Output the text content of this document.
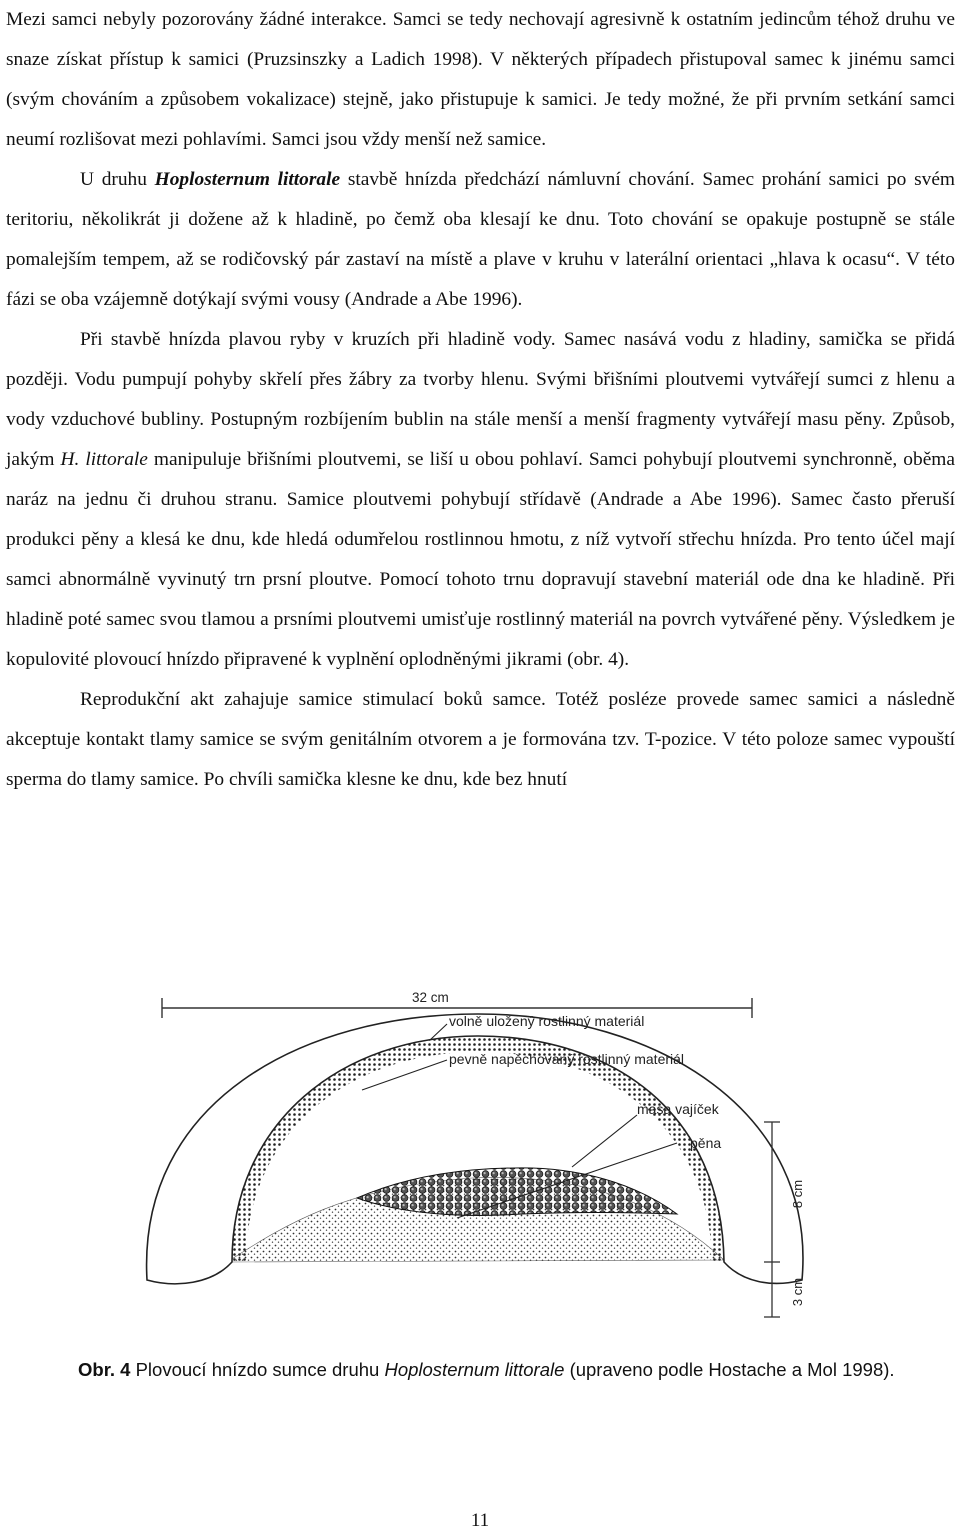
Mezi samci nebyly pozorovány žádné interakce. Samci se tedy nechovají agresivně k ostatním jedincům téhož druhu ve snaze získat přístup k samici (Pruzsinszky a Ladich 1998). V některých případech přistupoval samec k jinému samci (svým chováním a způsobem vokalizace) stejně, jako přistupuje k samici. Je tedy možné, že při prvním setkání samci neumí rozlišovat mezi pohlavími. Samci jsou vždy menší než samice.

U druhu Hoplosternum littorale stavbě hnízda předchází námluvní chování. Samec prohání samici po svém teritoriu, několikrát ji dožene až k hladině, po čemž oba klesají ke dnu. Toto chování se opakuje postupně se stále pomalejším tempem, až se rodičovský pár zastaví na místě a plave v kruhu v laterální orientaci „hlava k ocasu“. V této fázi se oba vzájemně dotýkají svými vousy (Andrade a Abe 1996).

Při stavbě hnízda plavou ryby v kruzích při hladině vody. Samec nasává vodu z hladiny, samička se přidá později. Vodu pumpují pohyby skřelí přes žábry za tvorby hlenu. Svými břišními ploutvemi vytvářejí sumci z hlenu a vody vzduchové bubliny. Postupným rozbíjením bublin na stále menší a menší fragmenty vytvářejí masu pěny. Způsob, jakým H. littorale manipuluje břišními ploutvemi, se liší u obou pohlaví. Samci pohybují ploutvemi synchronně, oběma naráz na jednu či druhou stranu. Samice ploutvemi pohybují střídavě (Andrade a Abe 1996). Samec často přeruší produkci pěny a klesá ke dnu, kde hledá odumřelou rostlinnou hmotu, z níž vytvoří střechu hnízda. Pro tento účel mají samci abnormálně vyvinutý trn prsní ploutve. Pomocí tohoto trnu dopravují stavební materiál ode dna ke hladině. Při hladině poté samec svou tlamou a prsními ploutvemi umisťuje rostlinný materiál na povrch vytvářené pěny. Výsledkem je kopulovité plovoucí hnízdo připravené k vyplnění oplodněnými jikrami (obr. 4).

Reprodukční akt zahajuje samice stimulací boků samce. Totéž posléze provede samec samici a následně akceptuje kontakt tlamy samice se svým genitálním otvorem a je formována tzv. T-pozice. V této poloze samec vypouští sperma do tlamy samice. Po chvíli samička klesne ke dnu, kde bez hnutí

32 cm
volně uložený rostlinný materiál
pevně napěchovaný rostlinný materiál
masa vajíček
pěna
8 cm
3 cm
Obr. 4 Plovoucí hnízdo sumce druhu Hoplosternum littorale (upraveno podle Hostache a Mol 1998).
11
